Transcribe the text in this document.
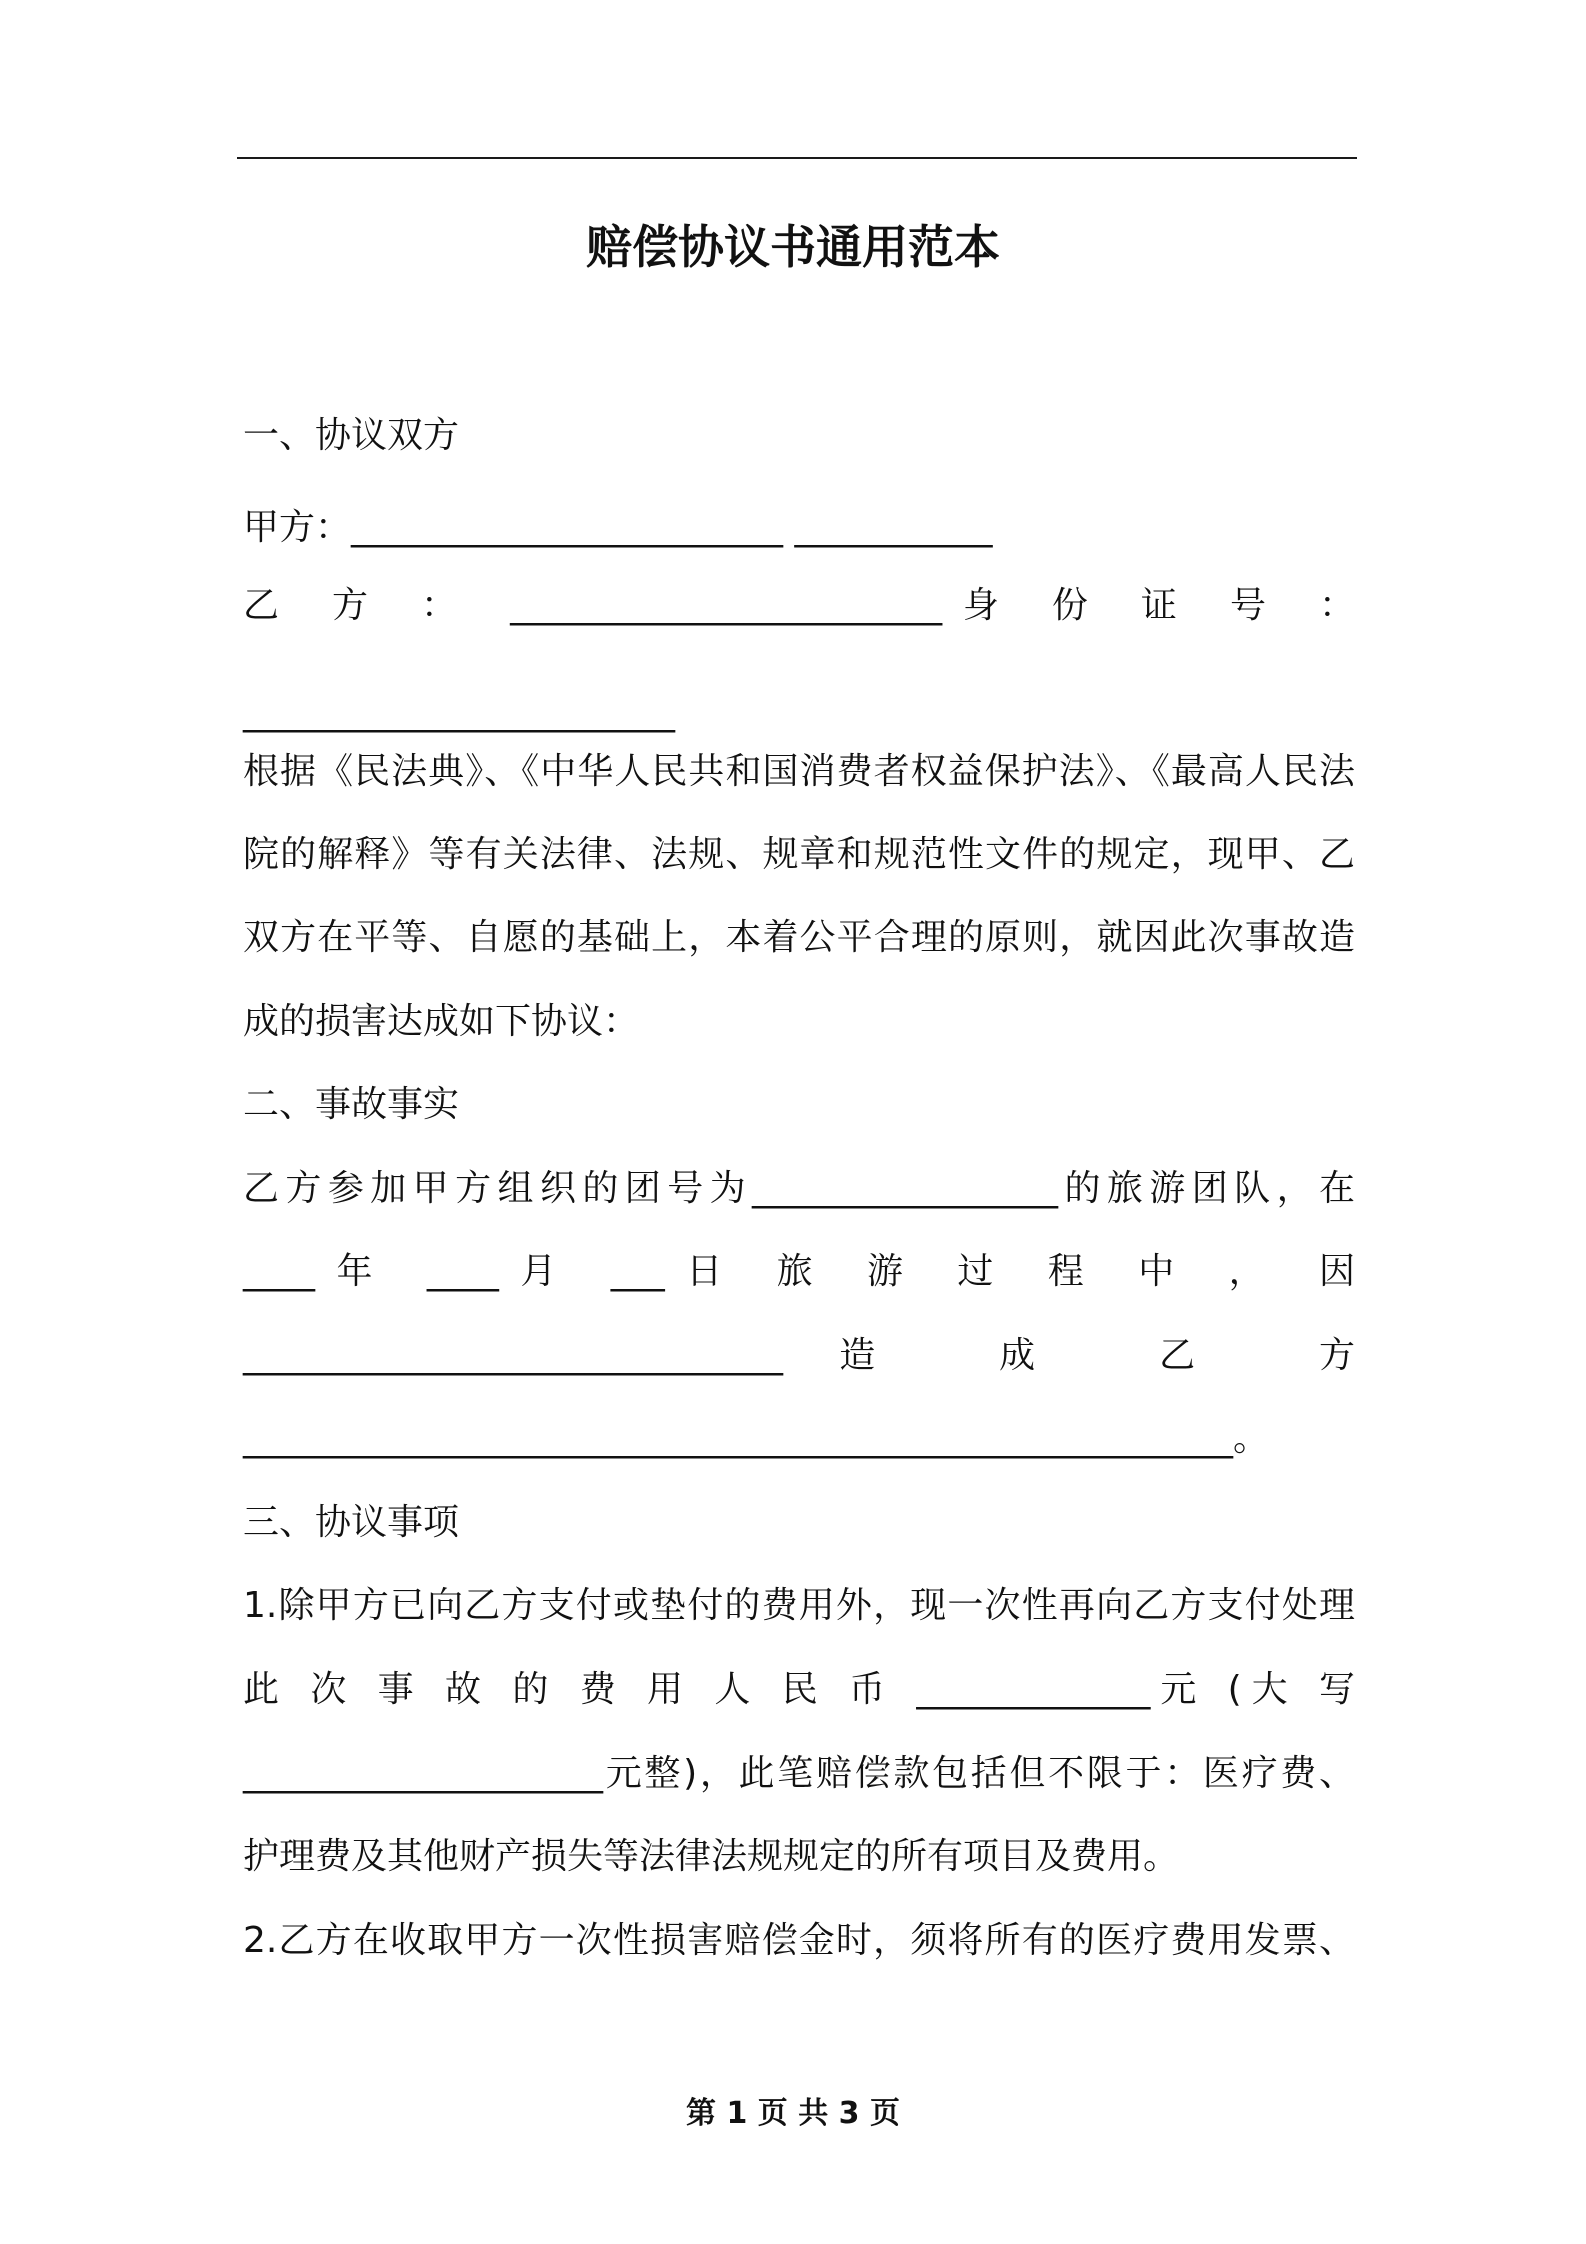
赔偿协议书通用范本
一、协议双方
甲方：________________________ ___________
乙 方 ： ________________________身 份 证 号 ：
________________________
根据《民法典》、《中华人民共和国消费者权益保护法》、《最高人民法
院的解释》等有关法律、法规、规章和规范性文件的规定，现甲、乙
双方在平等、自愿的基础上，本着公平合理的原则，就因此次事故造
成的损害达成如下协议：
二、事故事实
乙方参加甲方组织的团号为_________________的旅游团队，在
____年 ____月 ___日 旅 游 过 程 中 ， 因
______________________________造 成 乙 方
_______________________________________________________。
三、协议事项
1.除甲方已向乙方支付或垫付的费用外，现一次性再向乙方支付处理
此 次 事 故 的 费 用 人 民 币 _____________元 (大 写
____________________元整)，此笔赔偿款包括但不限于：医疗费、
护理费及其他财产损失等法律法规规定的所有项目及费用。
2.乙方在收取甲方一次性损害赔偿金时，须将所有的医疗费用发票、
第 1 页 共 3 页
